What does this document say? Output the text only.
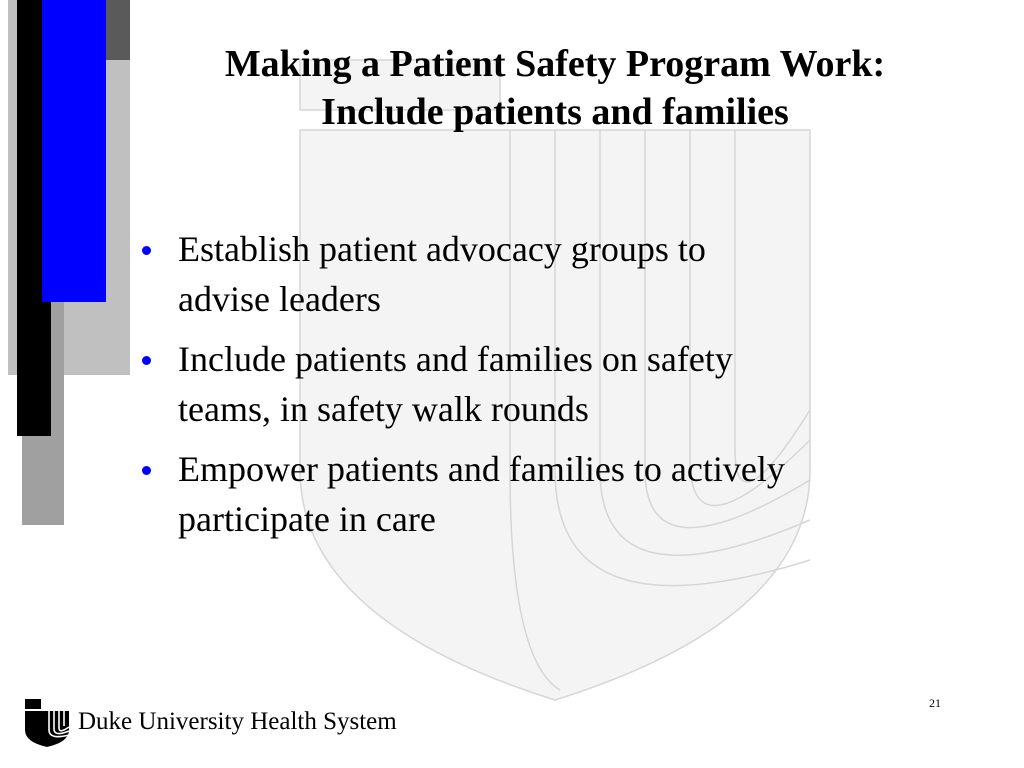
Making a Patient Safety Program Work:
Include patients and families
Establish patient advocacy groups to
advise leaders
Include patients and families on safety
teams, in safety walk rounds
Empower patients and families to actively
participate in care
Duke University Health System
21
